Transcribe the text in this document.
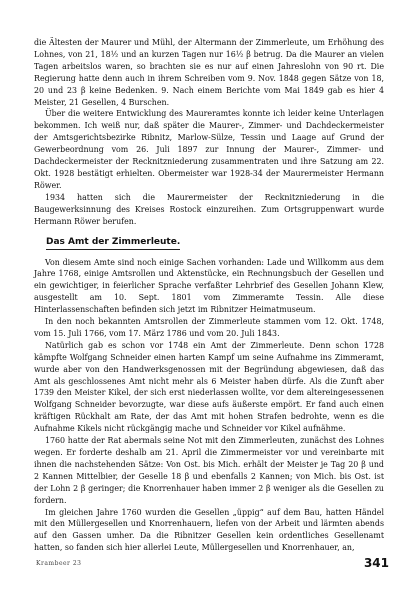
die Ältesten der Maurer und Mühl, der Altermann der Zimmerleute, um Erhöhung des Lohnes, von 21, 18½ und an kurzen Tagen nur 16½ β betrug. Da die Maurer an vielen Tagen arbeitslos waren, so brachten sie es nur auf einen Jahreslohn von 90 rt. Die Regierung hatte denn auch in ihrem Schreiben vom 9. Nov. 1848 gegen Sätze von 18, 20 und 23 β keine Bedenken. 9. Nach einem Berichte vom Mai 1849 gab es hier 4 Meister, 21 Gesellen, 4 Burschen.

Über die weitere Entwicklung des Maureramtes konnte ich leider keine Unterlagen bekommen. Ich weiß nur, daß später die Maurer-, Zimmer- und Dachdeckermeister der Amtsgerichtsbezirke Ribnitz, Marlow-Sülze, Tessin und Laage auf Grund der Gewerbeordnung vom 26. Juli 1897 zur Innung der Maurer-, Zimmer- und Dachdeckermeister der Recknitzniederung zusammentraten und ihre Satzung am 22. Okt. 1928 bestätigt erhielten. Obermeister war 1928-34 der Maurermeister Hermann Röwer.

1934 hatten sich die Maurermeister der Recknitzniederung in die Baugewerksinnung des Kreises Rostock einzureihen. Zum Ortsgruppenwart wurde Hermann Röwer berufen.

Das Amt der Zimmerleute.

Von diesem Amte sind noch einige Sachen vorhanden: Lade und Willkomm aus dem Jahre 1768, einige Amtsrollen und Aktenstücke, ein Rechnungsbuch der Gesellen und ein gewichtiger, in feierlicher Sprache verfaßter Lehrbrief des Gesellen Johann Klew, ausgestellt am 10. Sept. 1801 vom Zimmeramte Tessin. Alle diese Hinterlassenschaften befinden sich jetzt im Ribnitzer Heimatmuseum.

In den noch bekannten Amtsrollen der Zimmerleute stammen vom 12. Okt. 1748, vom 15. Juli 1766, vom 17. März 1786 und vom 20. Juli 1843.

Natürlich gab es schon vor 1748 ein Amt der Zimmerleute. Denn schon 1728 kämpfte Wolfgang Schneider einen harten Kampf um seine Aufnahme ins Zimmeramt, wurde aber von den Handwerksgenossen mit der Begründung abgewiesen, daß das Amt als geschlossenes Amt nicht mehr als 6 Meister haben dürfe. Als die Zunft aber 1739 den Meister Kikel, der sich erst niederlassen wollte, vor dem altereingesessenen Wolfgang Schneider bevorzugte, war diese aufs äußerste empört. Er fand auch einen kräftigen Rückhalt am Rate, der das Amt mit hohen Strafen bedrohte, wenn es die Aufnahme Kikels nicht rückgängig mache und Schneider vor Kikel aufnähme.

1760 hatte der Rat abermals seine Not mit den Zimmerleuten, zunächst des Lohnes wegen. Er forderte deshalb am 21. April die Zimmermeister vor und vereinbarte mit ihnen die nachstehenden Sätze: Von Ost. bis Mich. erhält der Meister je Tag 20 β und 2 Kannen Mittelbier, der Geselle 18 β und ebenfalls 2 Kannen; von Mich. bis Ost. ist der Lohn 2 β geringer; die Knorrenhauer haben immer 2 β weniger als die Gesellen zu fordern.

Im gleichen Jahre 1760 wurden die Gesellen „üppig“ auf dem Bau, hatten Händel mit den Müllergesellen und Knorrenhauern, liefen von der Arbeit und lärmten abends auf den Gassen umher. Da die Ribnitzer Gesellen kein ordentliches Gesellenamt hatten, so fanden sich hier allerlei Leute, Müllergesellen und Knorrenhauer, an,

Krambeer 23	341
